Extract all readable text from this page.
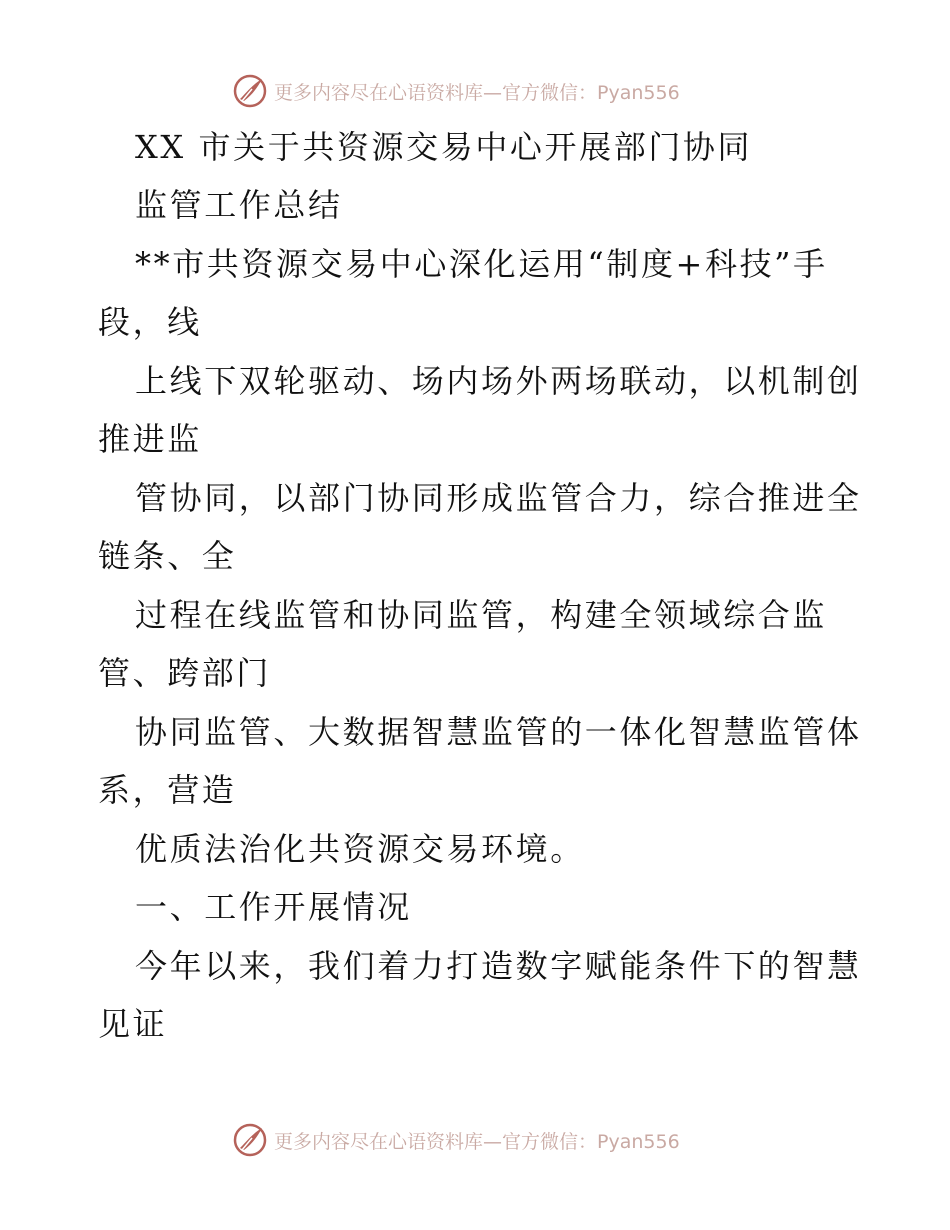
更多内容尽在心语资料库—官方微信：Pyan556
XX 市关于共资源交易中心开展部门协同
监管工作总结
**市共资源交易中心深化运用“制度+科技”手
段，线
上线下双轮驱动、场内场外两场联动，以机制创
推进监
管协同，以部门协同形成监管合力，综合推进全
链条、全
过程在线监管和协同监管，构建全领域综合监
管、跨部门
协同监管、大数据智慧监管的一体化智慧监管体
系，营造
优质法治化共资源交易环境。
一、工作开展情况
今年以来，我们着力打造数字赋能条件下的智慧
见证
更多内容尽在心语资料库—官方微信：Pyan556
